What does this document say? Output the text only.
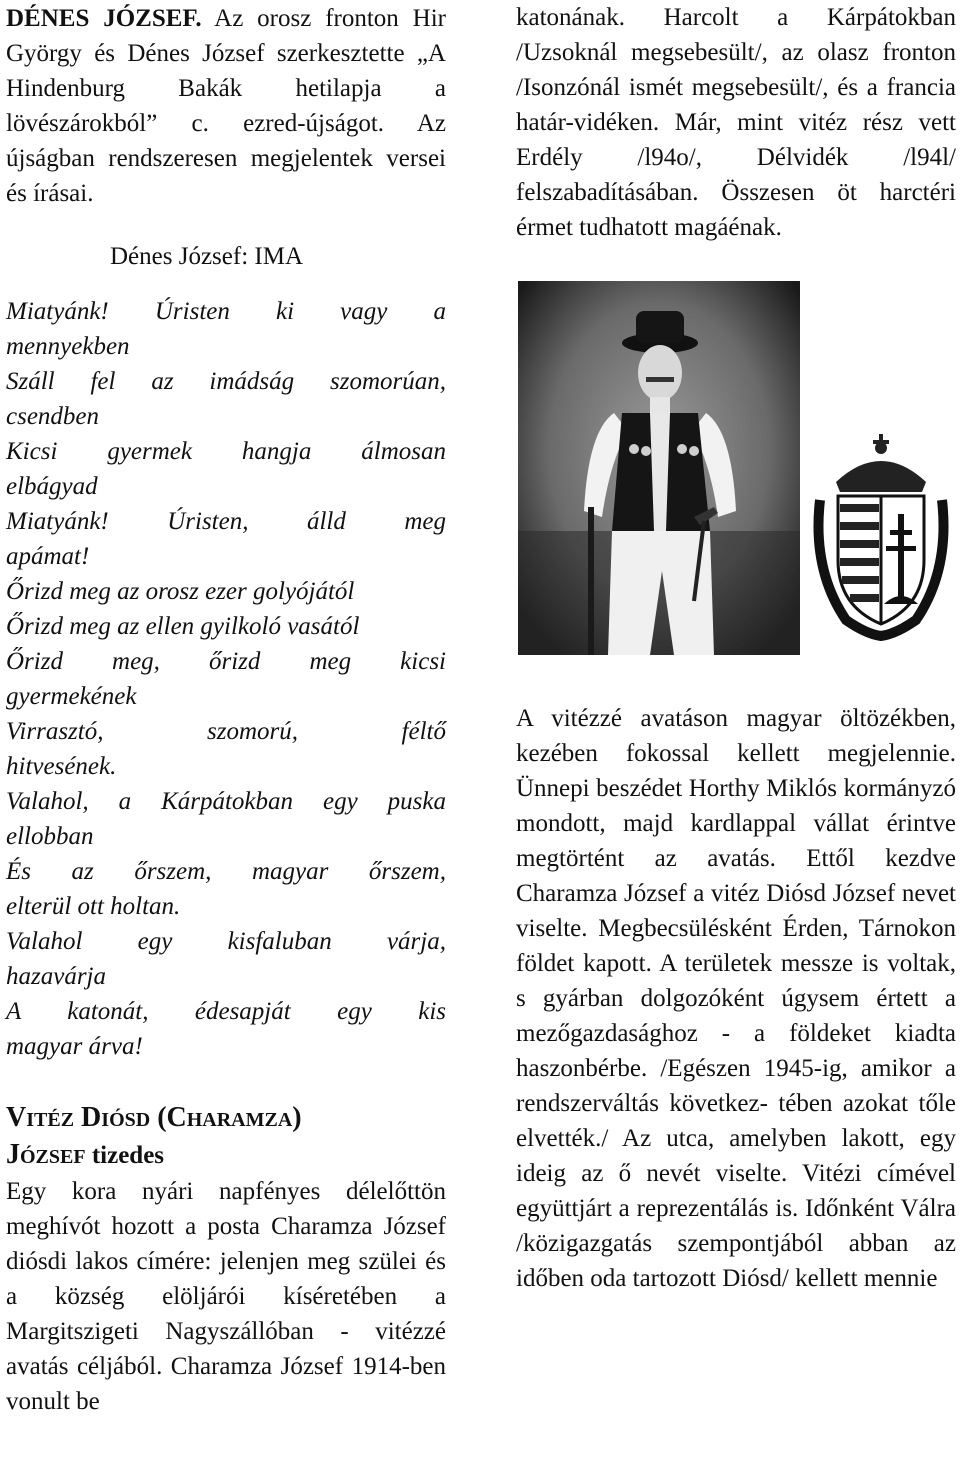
DÉNES JÓZSEF. Az orosz fronton Hir György és Dénes József szerkesztette „A Hindenburg Bakák hetilapja a lövészárokból” c. ezred-újságot. Az újságban rendszeresen megjelentek versei és írásai.

Dénes József: IMA
Miatyánk! Úristen ki vagy a
mennyekben
Száll fel az imádság szomorúan,
csendben
Kicsi gyermek hangja álmosan
elbágyad
Miatyánk! Úristen, álld meg
apámat!
Őrizd meg az orosz ezer golyójától
Őrizd meg az ellen gyilkoló vasától
Őrizd meg, őrizd meg kicsi
gyermekének
Virrasztó, szomorú, féltő
hitvesének.
Valahol, a Kárpátokban egy puska
ellobban
És az őrszem, magyar őrszem,
elterül ott holtan.
Valahol egy kisfaluban várja,
hazavárja
A katonát, édesapját egy kis
magyar árva!
VITÉZ DIÓSD (CHARAMZA)
JÓZSEF tizedes

Egy kora nyári napfényes délelőttön meghívót hozott a posta Charamza József diósdi lakos címére: jelenjen meg szülei és a község elöljárói kíséretében a Margitszigeti Nagyszállóban - vitézzé avatás céljából. Charamza József 1914-ben vonult be

katonának. Harcolt a Kárpátokban /Uzsoknál megsebesült/, az olasz fronton /Isonzónál ismét megsebesült/, és a francia határ-vidéken. Már, mint vitéz rész vett Erdély /l94o/, Délvidék /l94l/ felszabadításában. Összesen öt harctéri érmet tudhatott magáénak.

A vitézzé avatáson magyar öltözékben, kezében fokossal kellett megjelennie. Ünnepi beszédet Horthy Miklós kormányzó mondott, majd kardlappal vállat érintve megtörtént az avatás. Ettől kezdve Charamza József a vitéz Diósd József nevet viselte. Megbecsülésként Érden, Tárnokon földet kapott. A területek messze is voltak, s gyárban dolgozóként úgysem értett a mezőgazdasághoz - a földeket kiadta haszonbérbe. /Egészen 1945-ig, amikor a rendszerváltás következ- tében azokat tőle elvették./ Az utca, amelyben lakott, egy ideig az ő nevét viselte. Vitézi címével együttjárt a reprezentálás is. Időnként Válra /közigazgatás szempontjából abban az időben oda tartozott Diósd/ kellett mennie
